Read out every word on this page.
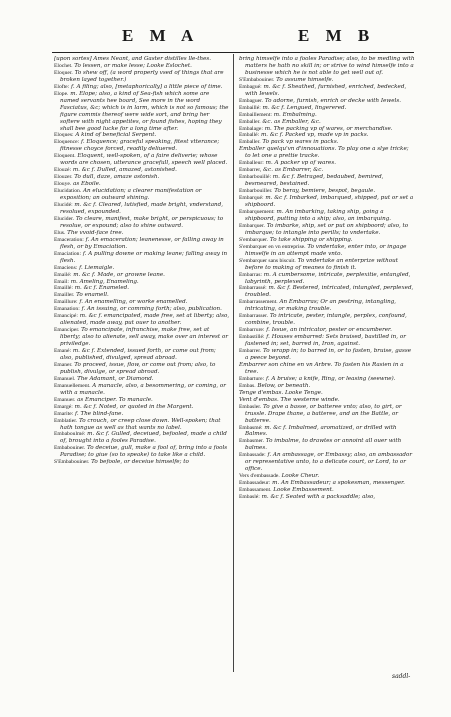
E M A	E M B

[upon sortes] Ames Neant, and Gaster distilles lle-thes.

Elochet. To lessen, or make lesse; Looke Eslochet.

Eloquer. To shew off, (a word properly vsed of things that are broken layed together.)

Elofte: f. A filing; also, [metaphorically] a little piece of time.

Elope. m. Elope; also, a kind of Sea-fish which some are named servants hee board, See more in the word Fasciatus, &c; which is in larm, which is not so famous; the figure commis thereof were wide sort, and bring her softere with night appetites, or found fishes, hoping they shall bee good lucke for a long time after.

Eloques: A kind of beneficial Serpent.

Eloquence: f. Eloquence; graceful speaking, fitest vtterance; fitnesse choyce forced, readily deliuered.

Eloquent. Eloquent, well-spoken, of a faire deliverie; whose words are chosen, utterance gracefull, speech well placed.

Elouzé: m. &c f. Dulled, amazed, astonished.

Elouzer. To dull, daze, amaze astonish.

Elouye. as Eboile.

Elucidation. An elucidation; a clearer manifestation or exposition; an outward shining.

Elucidé: m. &c f. Cleared, lutisfied, made bright, vnderstand, resolued, expounded.

Elucider. To cleare, manifest, make bright, or perspicuous; to resolue, or expound; also to shine outward.

Elus. The vvoid-face tree.

Emaceration: f. An emaceration; leanenesse, or falling away in flesh, or by Emaciation.

Emaciation: f. A pulling downe or making leane; falling away in flesh.

Emaciens: f. Liemaigle.

Emailé: m. &c f. Made, or growne leane.

Email: m. Ameling, Enameling.

Emaillé: m. &c f. Enameled.

Emailler. To enamell.

Emaillure: f. An enamelling, or worke enamelled.

Emanation: f. An issuing, or comming forth; also, publication.

Emancipé: m. &c f. emancipated, made free, set at liberty; also, alienated, made away, put ouer to another.

Emanciper. To emancipate, infranchise, make free, set at liberty; also to alienate, sell away, make over an interest or priviledge.

Emané: m. &c f. Extended, issued forth, or come out from; also, published, divulged, spread abroad.

Emaner. To proceed, issue, flow, or come out from; also, to publish, divulge, or spread abroad.

Emanuel. The Adamant, or Diamond.

Emanuellement. A manacle, also, a besommering, or coming, or with a manacle.

Emanuer. as Emanciper. To manacle.

Emargé: m. &c f. Noted, or quoted in the Margent.

Emarite: f. The blind-fane.

Emblatier. To crouch, or creep close down. Well-spoken; that hath tongue as well as that wants no label.

Embaboulmé: m. &c f. Gulled, deceiued, befooled, made a child of, brought into a fooles Paradise.

Embabouiner. To deceiue, gull, make a fool of, bring into a fools Paradise; to giue (so to speake) to take like a child.

S'Embabouiner. To befoole, or deceiue himselfe; to

bring himselfe into a fooles Paradise; also, to be medling with matters he hath no skill in; or strive to wind himselfe into a businesse which he is not able to get well out of.

S'Embabouiner. To assume himselfe.

Embagué: m. &c f. Sheathed, furnished, enriched, bedecked, with Iewels.

Embaguer. To adorne, furnish, enrich or decke with Iewels.

Embaillé: m. &c f. Lengued, lingerered.

Embaillement: m. Embalming.

Emballer. &c. as Emballer, &c.

Embalage: m. The packing vp of wares, or merchandise.

Emballé: m. &c f. Packed vp, made vp in packs.

Emballer. To pack vp wares in packs.

Emballer quelqu'vn d'innouations. To play one a slye tricke; to let one a prettie tracke.

Emballeur: m. A packer vp of wares.

Embarrer, &c. as Embarrer, &c.

Embarbouillé: m. &c f. Betraged, bedaubed, bemired, besmeared, bestained.

Embarbouiller. To beray, bemiere, bespot, begaule.

Embarqué: m. &c f. Imbarked, imbarqued, shipped, put or set a shipboord.

Embarquement: m. An imbarking, taking ship, going a shipboord, putting into a ship; also, an imbarquing.

Embarquer. To imbarke, ship, set or put on shipboord; also, to imbarque; to intangle into perills; to vndertake.

S'embarquer. To take shipping or shipping.

S'embarquer en vn entreprise. To vndertake, enter into, or ingage himselfe in an attempt made vnto.

S'embarquer sans biscuit. To vndertake an enterprize without before to making of meanes to finish it.

Embarras: m. A cumbersome, intricate, perplexitie, entangled, labyrinth, perplexed.

Embarrassé: m. &c f. Bestered, intricated, intangled, perplexed, troubled.

Embarrassement. An Embarras; Or an pestring, intangling, intricating, or making trouble.

Embarrasser. To intricate, pester, intangle, perplex, confound, combine, trouble.

Embarrure: f. Issue, an intricator, pester or encumberer.

Embastillé: f. Houses embarred: Sets bruised, bastilled in, or fastened in; set, barred in, Iron, against.

Embarrer. To wrapp in; to barred in, or to fasten, bruise, gasse a peece beyond.

Embarrer son chine en vn Arbre. To fasten his Rasien in a tree.

Embarture: f. A bruise; a knife, Ring, or leasing (seewne).

Embas. Below, or beneath.

Tenge d'embas. Looke Tenge.

Vent d'embas. The westerne winde.

Embasler. To give a basse, or batteree vnto; also, to girt, or trussle. Drape thane, a batteree, and an the Battle, or batteree.

Embasmé: m. &c f. Imbalmed, aromatized, or drilled with Balmes.

Embasmer. To imbalme, to drawtes or annoint all ouer with balmes.

Embassade: f. An ambassage, or Embassy; also, an ambassador or representative unto, to a delicate court, or Lord, to or office.

Vers d'embassade. Looke Cheur.

Embassadeur: m. An Embassadeur; a spokesman, messenger.

Embassament. Looke Embassement.

Embaslé: m. &c f. Seated with a packsaddle; also,

saddl-
